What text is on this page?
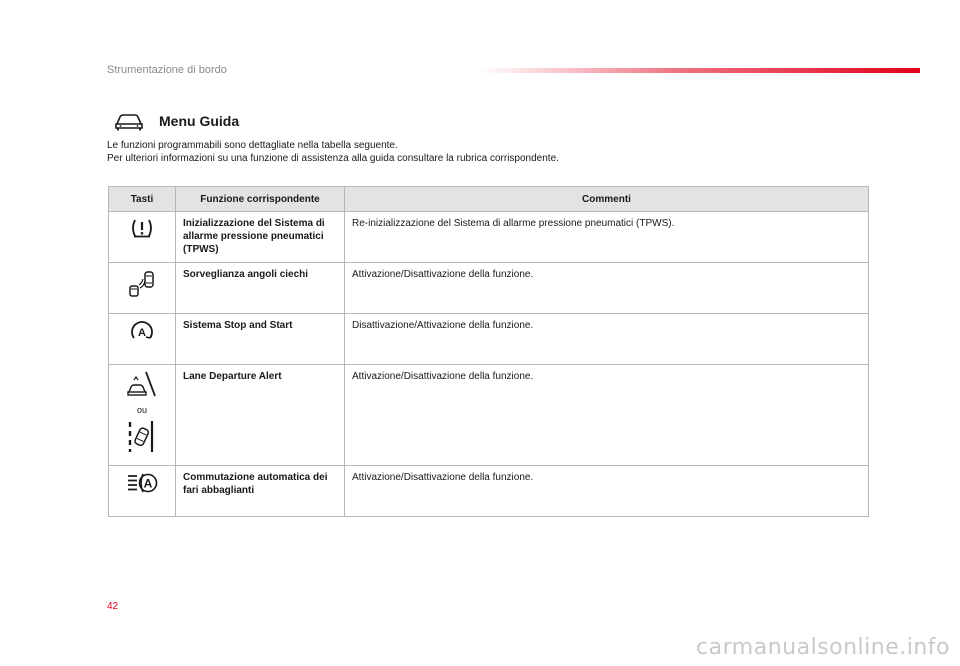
Strumentazione di bordo
Menu Guida

Le funzioni programmabili sono dettagliate nella tabella seguente.

Per ulteriori informazioni su una funzione di assistenza alla guida consultare la rubrica corrispondente.

Tasti	Funzione corrispondente	Commenti
	Inizializzazione del Sistema di allarme pressione pneumatici (TPWS)	Re-inizializzazione del Sistema di allarme pressione pneumatici (TPWS).
	Sorveglianza angoli ciechi	Attivazione/Disattivazione della funzione.

A	Sistema Stop and Start	Disattivazione/Attivazione della funzione.

ou	Lane Departure Alert	Attivazione/Disattivazione della funzione.

A	Commutazione automatica dei fari abbaglianti	Attivazione/Disattivazione della funzione.
42
carmanualsonline.info
